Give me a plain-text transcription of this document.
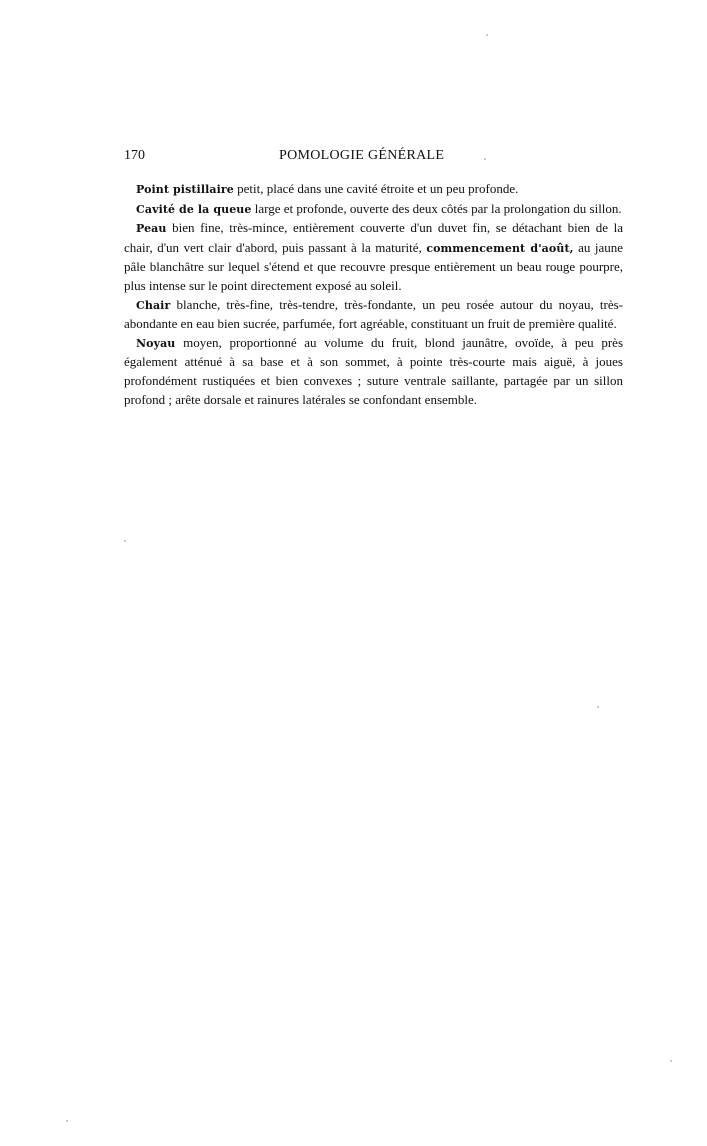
170	POMOLOGIE GÉNÉRALE

Point pistillaire petit, placé dans une cavité étroite et un peu profonde.

Cavité de la queue large et profonde, ouverte des deux côtés par la prolongation du sillon.

Peau bien fine, très-mince, entièrement couverte d'un duvet fin, se détachant bien de la chair, d'un vert clair d'abord, puis passant à la maturité, commencement d'août, au jaune pâle blanchâtre sur lequel s'étend et que recouvre presque entièrement un beau rouge pourpre, plus intense sur le point directement exposé au soleil.

Chair blanche, très-fine, très-tendre, très-fondante, un peu rosée autour du noyau, très-abondante en eau bien sucrée, parfumée, fort agréable, constituant un fruit de première qualité.

Noyau moyen, proportionné au volume du fruit, blond jaunâtre, ovoïde, à peu près également atténué à sa base et à son sommet, à pointe très-courte mais aiguë, à joues profondément rustiquées et bien convexes ; suture ventrale saillante, partagée par un sillon profond ; arête dorsale et rainures latérales se confondant ensemble.
